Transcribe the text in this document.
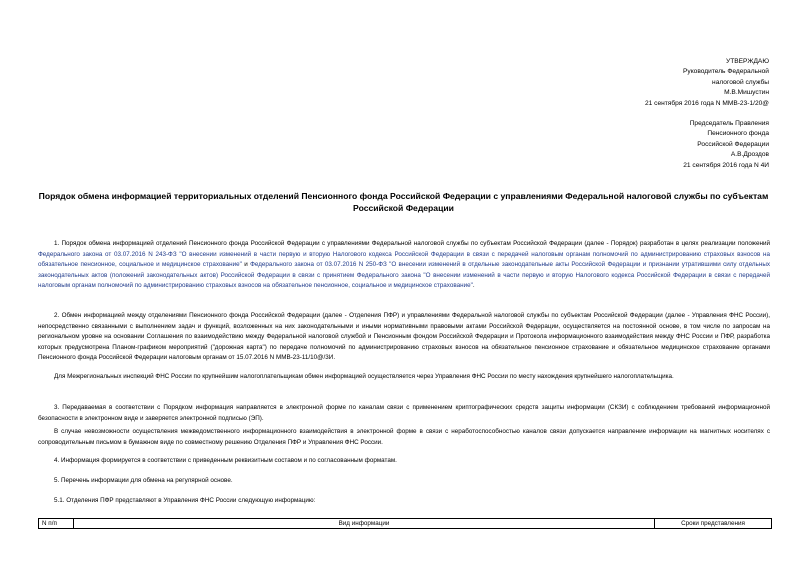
УТВЕРЖДАЮ
Руководитель Федеральной
налоговой службы
М.В.Мишустин
21 сентября 2016 года N ММВ-23-1/20@
Председатель Правления
Пенсионного фонда
Российской Федерации
А.В.Дроздов
21 сентября 2016 года N 4И
Порядок обмена информацией территориальных отделений Пенсионного фонда Российской Федерации с управлениями Федеральной налоговой службы по субъектам Российской Федерации
1. Порядок обмена информацией отделений Пенсионного фонда Российской Федерации с управлениями Федеральной налоговой службы по субъектам Российской Федерации (далее - Порядок) разработан в целях реализации положений Федерального закона от 03.07.2016 N 243-ФЗ "О внесении изменений в части первую и вторую Налогового кодекса Российской Федерации в связи с передачей налоговым органам полномочий по администрированию страховых взносов на обязательное пенсионное, социальное и медицинское страхование" и Федерального закона от 03.07.2016 N 250-ФЗ "О внесении изменений в отдельные законодательные акты Российской Федерации и признании утратившими силу отдельных законодательных актов (положений законодательных актов) Российской Федерации в связи с принятием Федерального закона "О внесении изменений в части первую и вторую Налогового кодекса Российской Федерации в связи с передачей налоговым органам полномочий по администрированию страховых взносов на обязательное пенсионное, социальное и медицинское страхование".
2. Обмен информацией между отделениями Пенсионного фонда Российской Федерации (далее - Отделения ПФР) и управлениями Федеральной налоговой службы по субъектам Российской Федерации (далее - Управления ФНС России), непосредственно связанными с выполнением задач и функций, возложенных на них законодательными и иными нормативными правовыми актами Российской Федерации, осуществляется на постоянной основе, в том числе по запросам на региональном уровне на основании Соглашения по взаимодействию между Федеральной налоговой службой и Пенсионным фондом Российской Федерации и Протокола информационного взаимодействия между ФНС России и ПФР, разработка которых предусмотрена Планом-графиком мероприятий ("дорожная карта") по передаче полномочий по администрированию страховых взносов на обязательное пенсионное страхование и обязательное медицинское страхование органами Пенсионного фонда Российской Федерации налоговым органам от 15.07.2016 N ММВ-23-11/10@/3И.
Для Межрегиональных инспекций ФНС России по крупнейшим налогоплательщикам обмен информацией осуществляется через Управления ФНС России по месту нахождения крупнейшего налогоплательщика.
3. Передаваемая в соответствии с Порядком информация направляется в электронной форме по каналам связи с применением криптографических средств защиты информации (СКЗИ) с соблюдением требований информационной безопасности в электронном виде и заверяется электронной подписью (ЭП).
В случае невозможности осуществления межведомственного информационного взаимодействия в электронной форме в связи с неработоспособностью каналов связи допускается направление информации на магнитных носителях с сопроводительным письмом в бумажном виде по совместному решению Отделения ПФР и Управления ФНС России.
4. Информация формируется в соответствии с приведенным реквизитным составом и по согласованным форматам.
5. Перечень информации для обмена на регулярной основе.
5.1. Отделения ПФР представляют в Управления ФНС России следующую информацию:
N п/п	Вид информации	Сроки представления
